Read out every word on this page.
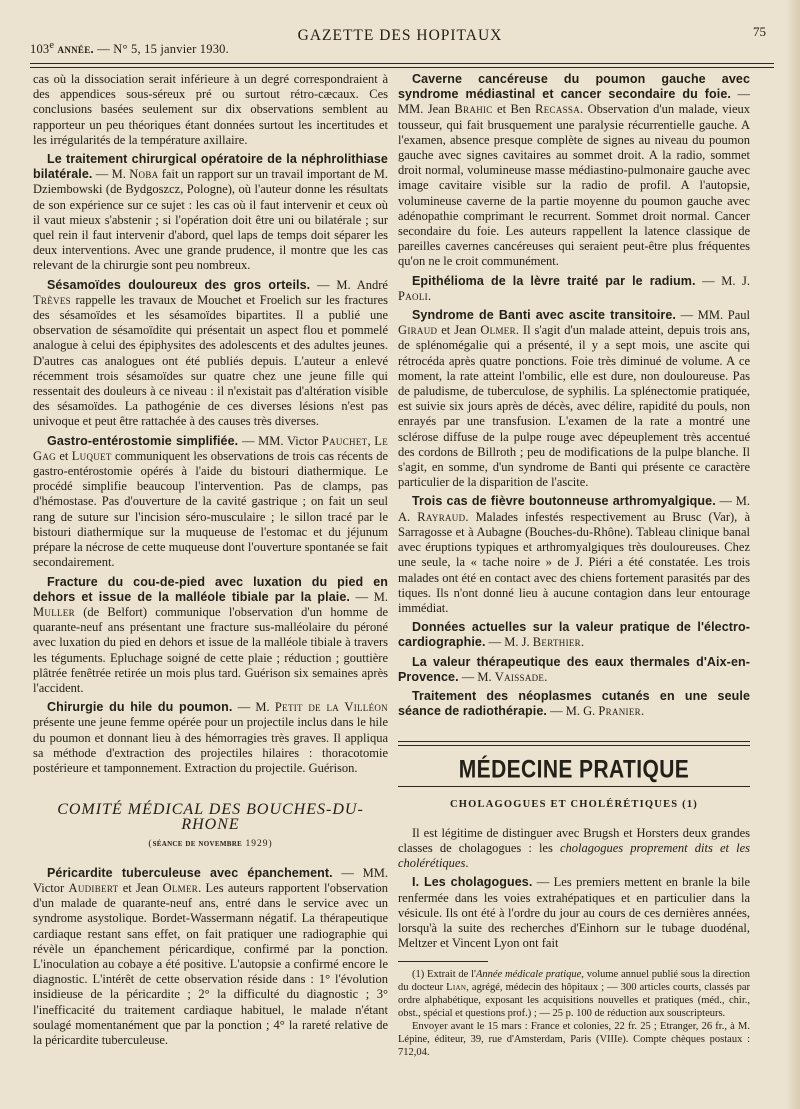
103e année. — N° 5, 15 janvier 1930.
GAZETTE DES HOPITAUX	75

cas où la dissociation serait inférieure à un degré correspondraient à des appendices sous-séreux pré ou surtout rétro-cæcaux. Ces conclusions basées seulement sur dix observations semblent au rapporteur un peu théoriques étant données surtout les incertitudes et les irrégularités de la température axillaire.

Le traitement chirurgical opératoire de la néphrolithiase bilatérale. — M. Noba fait un rapport sur un travail important de M. Dziembowski (de Bydgoszcz, Pologne), où l'auteur donne les résultats de son expérience sur ce sujet : les cas où il faut intervenir et ceux où il vaut mieux s'abstenir ; si l'opération doit être uni ou bilatérale ; sur quel rein il faut intervenir d'abord, quel laps de temps doit séparer les deux interventions. Avec une grande prudence, il montre que les cas relevant de la chirurgie sont peu nombreux.

Sésamoïdes douloureux des gros orteils. — M. André Trèves rappelle les travaux de Mouchet et Froelich sur les fractures des sésamoïdes et les sésamoïdes bipartites. Il a publié une observation de sésamoïdite qui présentait un aspect flou et pommelé analogue à celui des épiphysites des adolescents et des adultes jeunes. D'autres cas analogues ont été publiés depuis. L'auteur a enlevé récemment trois sésamoïdes sur quatre chez une jeune fille qui ressentait des douleurs à ce niveau : il n'existait pas d'altération visible des sésamoïdes. La pathogénie de ces diverses lésions n'est pas univoque et peut être rattachée à des causes très diverses.

Gastro-entérostomie simplifiée. — MM. Victor Pauchet, Le Gag et Luquet communiquent les observations de trois cas récents de gastro-entérostomie opérés à l'aide du bistouri diathermique. Le procédé simplifie beaucoup l'intervention. Pas de clamps, pas d'hémostase. Pas d'ouverture de la cavité gastrique ; on fait un seul rang de suture sur l'incision séro-musculaire ; le sillon tracé par le bistouri diathermique sur la muqueuse de l'estomac et du jéjunum prépare la nécrose de cette muqueuse dont l'ouverture spontanée se fait secondairement.

Fracture du cou-de-pied avec luxation du pied en dehors et issue de la malléole tibiale par la plaie. — M. Muller (de Belfort) communique l'observation d'un homme de quarante-neuf ans présentant une fracture sus-malléolaire du péroné avec luxation du pied en dehors et issue de la malléole tibiale à travers les téguments. Epluchage soigné de cette plaie ; réduction ; gouttière plâtrée fenêtrée retirée un mois plus tard. Guérison six semaines après l'accident.

Chirurgie du hile du poumon. — M. Petit de la Villéon présente une jeune femme opérée pour un projectile inclus dans le hile du poumon et donnant lieu à des hémorragies très graves. Il appliqua sa méthode d'extraction des projectiles hilaires : thoracotomie postérieure et tamponnement. Extraction du projectile. Guérison.

COMITÉ MÉDICAL DES BOUCHES-DU-RHONE
(séance de novembre 1929)

Péricardite tuberculeuse avec épanchement. — MM. Victor Audibert et Jean Olmer. Les auteurs rapportent l'observation d'un malade de quarante-neuf ans, entré dans le service avec un syndrome asystolique. Bordet-Wassermann négatif. La thérapeutique cardiaque restant sans effet, on fait pratiquer une radiographie qui révèle un épanchement péricardique, confirmé par la ponction. L'inoculation au cobaye a été positive. L'autopsie a confirmé encore le diagnostic. L'intérêt de cette observation réside dans : 1° l'évolution insidieuse de la péricardite ; 2° la difficulté du diagnostic ; 3° l'inefficacité du traitement cardiaque habituel, le malade n'étant soulagé momentanément que par la ponction ; 4° la rareté relative de la péricardite tuberculeuse.

Caverne cancéreuse du poumon gauche avec syndrome médiastinal et cancer secondaire du foie. — MM. Jean Brahic et Ben Recassa. Observation d'un malade, vieux tousseur, qui fait brusquement une paralysie récurrentielle gauche. A l'examen, absence presque complète de signes au niveau du poumon gauche avec signes cavitaires au sommet droit. A la radio, sommet droit normal, volumineuse masse médiastino-pulmonaire gauche avec image cavitaire visible sur la radio de profil. A l'autopsie, volumineuse caverne de la partie moyenne du poumon gauche avec adénopathie comprimant le recurrent. Sommet droit normal. Cancer secondaire du foie. Les auteurs rappellent la latence classique de pareilles cavernes cancéreuses qui seraient peut-être plus fréquentes qu'on ne le croit communément.

Epithélioma de la lèvre traité par le radium. — M. J. Paoli.

Syndrome de Banti avec ascite transitoire. — MM. Paul Giraud et Jean Olmer. Il s'agit d'un malade atteint, depuis trois ans, de splénomégalie qui a présenté, il y a sept mois, une ascite qui rétrocéda après quatre ponctions. Foie très diminué de volume. A ce moment, la rate atteint l'ombilic, elle est dure, non douloureuse. Pas de paludisme, de tuberculose, de syphilis. La splénectomie pratiquée, est suivie six jours après de décès, avec délire, rapidité du pouls, non enrayés par une transfusion. L'examen de la rate a montré une sclérose diffuse de la pulpe rouge avec dépeuplement très accentué des cordons de Billroth ; peu de modifications de la pulpe blanche. Il s'agit, en somme, d'un syndrome de Banti qui présente ce caractère particulier de la disparition de l'ascite.

Trois cas de fièvre boutonneuse arthromyalgique. — M. A. Rayraud. Malades infestés respectivement au Brusc (Var), à Sarragosse et à Aubagne (Bouches-du-Rhône). Tableau clinique banal avec éruptions typiques et arthromyalgiques très douloureuses. Chez une seule, la « tache noire » de J. Piéri a été constatée. Les trois malades ont été en contact avec des chiens fortement parasités par des tiques. Ils n'ont donné lieu à aucune contagion dans leur entourage immédiat.

Données actuelles sur la valeur pratique de l'électro-cardiographie. — M. J. Berthier.

La valeur thérapeutique des eaux thermales d'Aix-en-Provence. — M. Vaissade.

Traitement des néoplasmes cutanés en une seule séance de radiothérapie. — M. G. Pranier.

MÉDECINE PRATIQUE
CHOLAGOGUES ET CHOLÉRÉTIQUES (1)

Il est légitime de distinguer avec Brugsh et Horsters deux grandes classes de cholagogues : les cholagogues proprement dits et les cholérétiques.

I. Les cholagogues. — Les premiers mettent en branle la bile renfermée dans les voies extrahépatiques et en particulier dans la vésicule. Ils ont été à l'ordre du jour au cours de ces dernières années, lorsqu'à la suite des recherches d'Einhorn sur le tubage duodénal, Meltzer et Vincent Lyon ont fait

(1) Extrait de l'Année médicale pratique, volume annuel publié sous la direction du docteur Lian, agrégé, médecin des hôpitaux ; — 300 articles courts, classés par ordre alphabétique, exposant les acquisitions nouvelles et pratiques (méd., chir., obst., spécial et questions prof.) ; — 25 p. 100 de réduction aux souscripteurs.

Envoyer avant le 15 mars : France et colonies, 22 fr. 25 ; Etranger, 26 fr., à M. Lépine, éditeur, 39, rue d'Amsterdam, Paris (VIIIe). Compte chèques postaux : 712,04.
